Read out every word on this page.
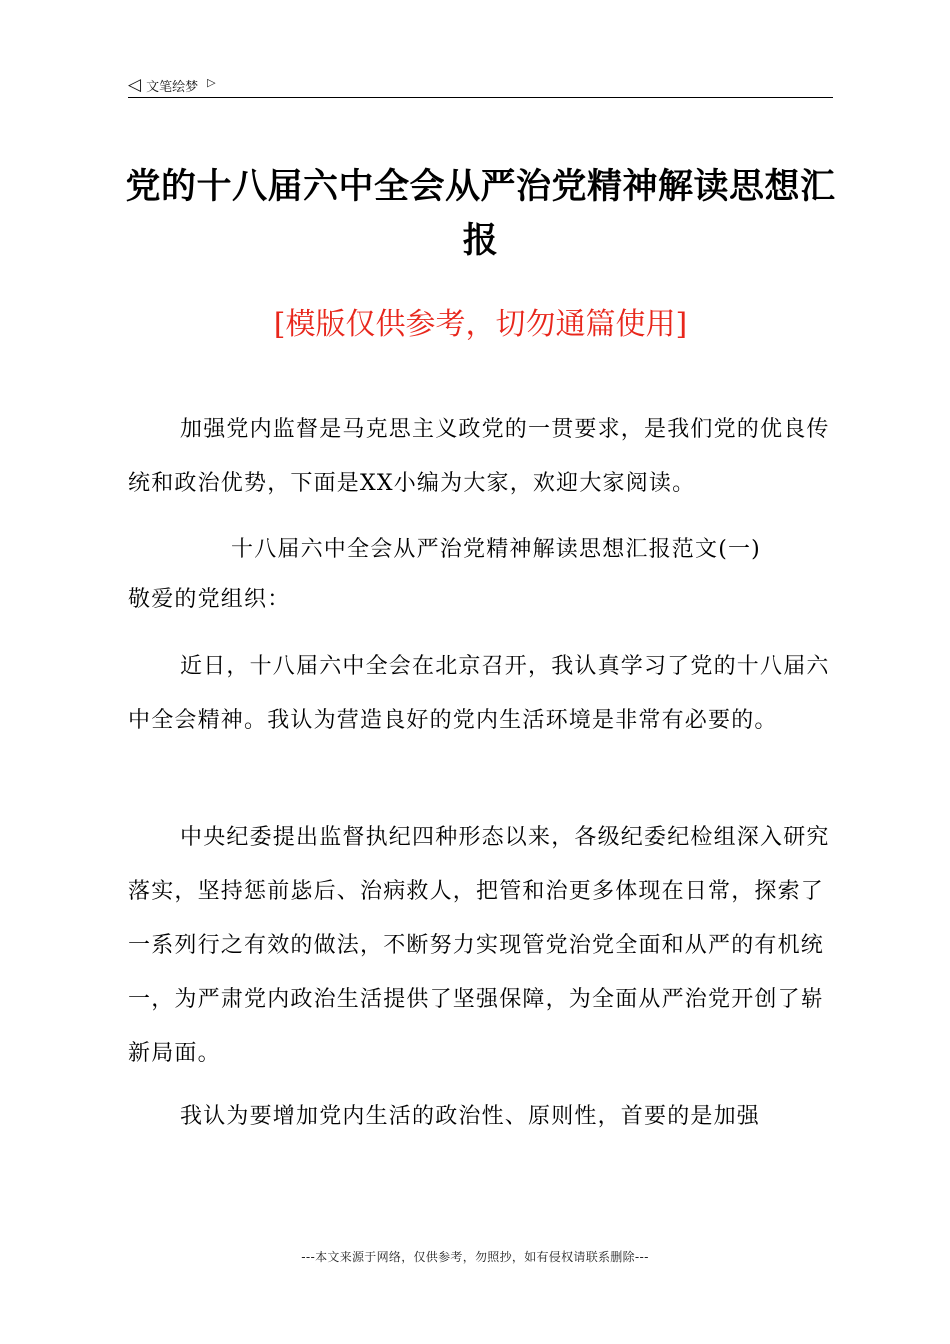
◁ 文笔绘梦 ▷
党的十八届六中全会从严治党精神解读思想汇报
[模版仅供参考，切勿通篇使用]

加强党内监督是马克思主义政党的一贯要求，是我们党的优良传统和政治优势，下面是XX小编为大家，欢迎大家阅读。

十八届六中全会从严治党精神解读思想汇报范文(一)
敬爱的党组织：

近日，十八届六中全会在北京召开，我认真学习了党的十八届六中全会精神。我认为营造良好的党内生活环境是非常有必要的。

中央纪委提出监督执纪四种形态以来，各级纪委纪检组深入研究落实，坚持惩前毖后、治病救人，把管和治更多体现在日常，探索了一系列行之有效的做法，不断努力实现管党治党全面和从严的有机统一，为严肃党内政治生活提供了坚强保障，为全面从严治党开创了崭新局面。

我认为要增加党内生活的政治性、原则性，首要的是加强

---本文来源于网络，仅供参考，勿照抄，如有侵权请联系删除---
